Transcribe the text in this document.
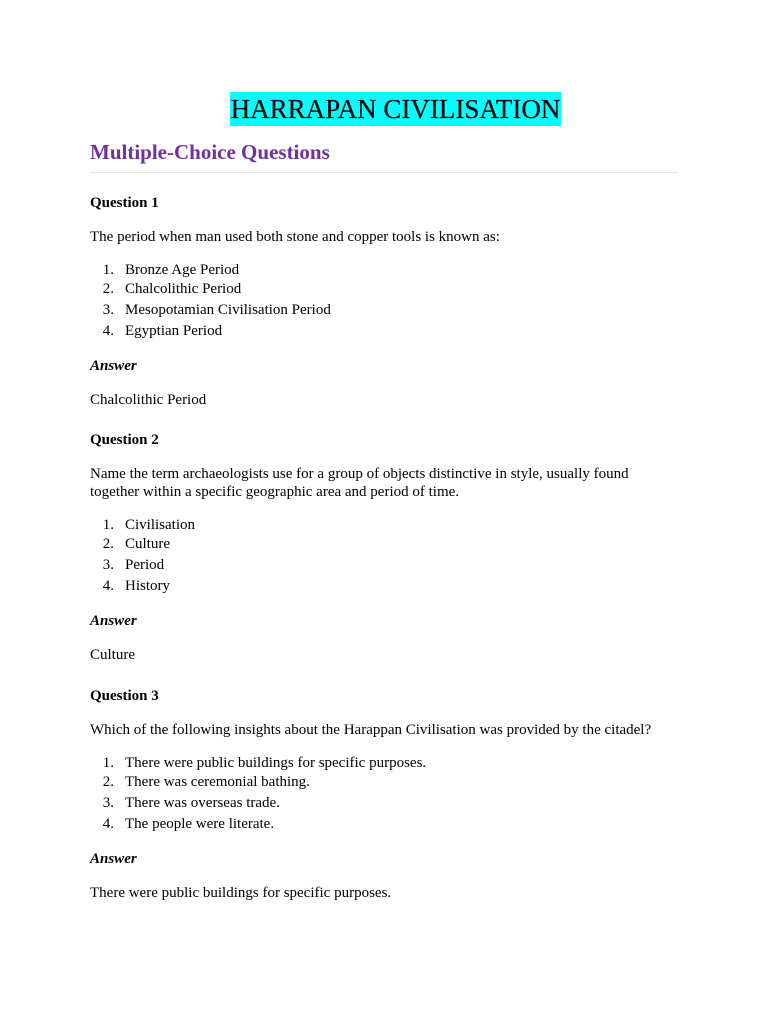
HARRAPAN CIVILISATION
Multiple-Choice Questions
Question 1
The period when man used both stone and copper tools is known as:
1. Bronze Age Period
2. Chalcolithic Period
3. Mesopotamian Civilisation Period
4. Egyptian Period
Answer
Chalcolithic Period
Question 2
Name the term archaeologists use for a group of objects distinctive in style, usually found together within a specific geographic area and period of time.
1. Civilisation
2. Culture
3. Period
4. History
Answer
Culture
Question 3
Which of the following insights about the Harappan Civilisation was provided by the citadel?
1. There were public buildings for specific purposes.
2. There was ceremonial bathing.
3. There was overseas trade.
4. The people were literate.
Answer
There were public buildings for specific purposes.
